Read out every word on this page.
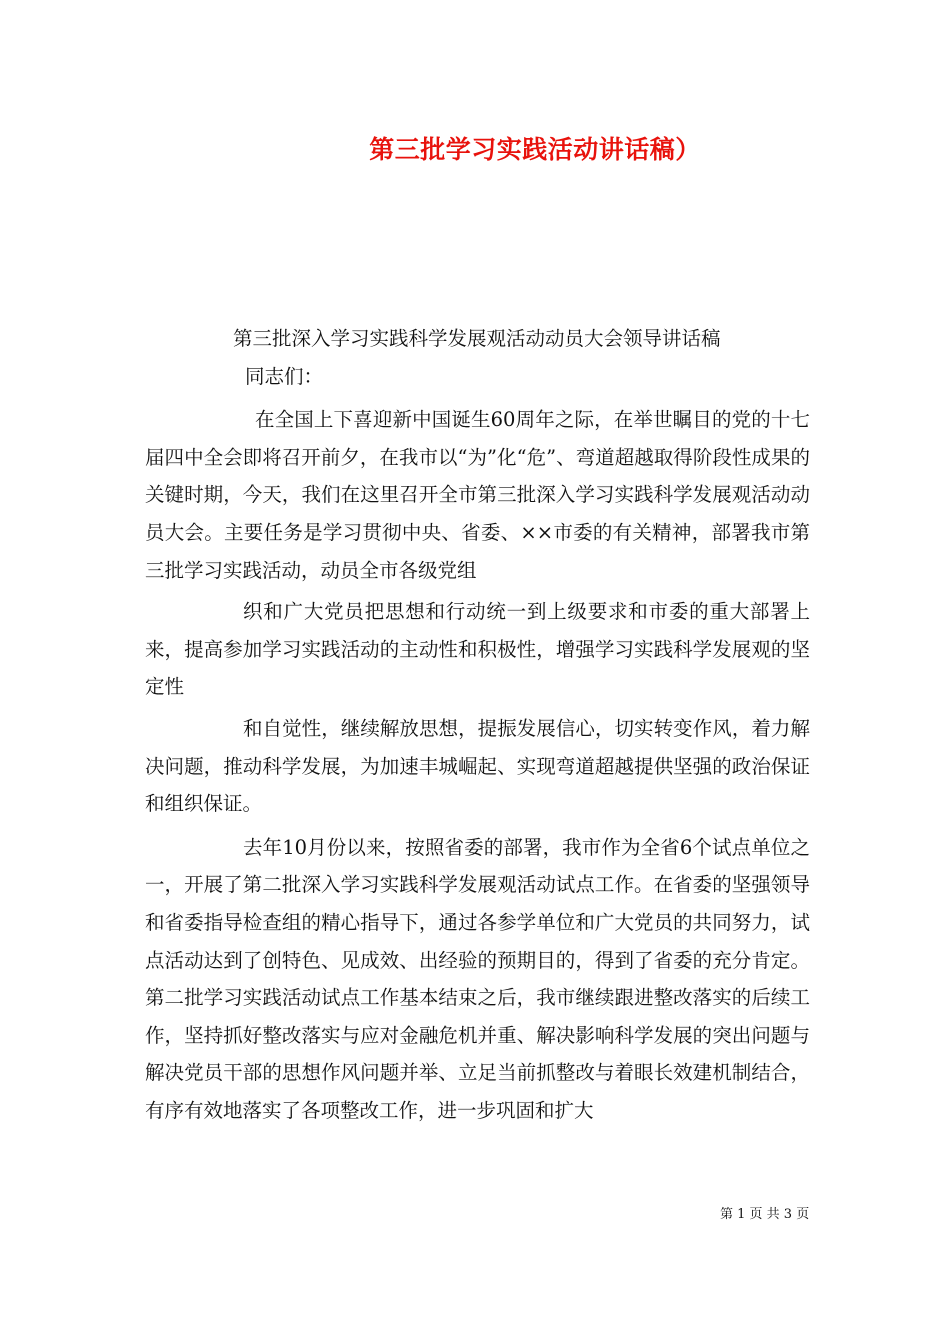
第三批学习实践活动讲话稿）

第三批深入学习实践科学发展观活动动员大会领导讲话稿

同志们：

在全国上下喜迎新中国诞生60周年之际，在举世瞩目的党的十七届四中全会即将召开前夕，在我市以“为”化“危”、弯道超越取得阶段性成果的关键时期，今天，我们在这里召开全市第三批深入学习实践科学发展观活动动员大会。主要任务是学习贯彻中央、省委、××市委的有关精神，部署我市第三批学习实践活动，动员全市各级党组

织和广大党员把思想和行动统一到上级要求和市委的重大部署上来，提高参加学习实践活动的主动性和积极性，增强学习实践科学发展观的坚定性

和自觉性，继续解放思想，提振发展信心，切实转变作风，着力解决问题，推动科学发展，为加速丰城崛起、实现弯道超越提供坚强的政治保证和组织保证。

去年10月份以来，按照省委的部署，我市作为全省6个试点单位之一，开展了第二批深入学习实践科学发展观活动试点工作。在省委的坚强领导和省委指导检查组的精心指导下，通过各参学单位和广大党员的共同努力，试点活动达到了创特色、见成效、出经验的预期目的，得到了省委的充分肯定。第二批学习实践活动试点工作基本结束之后，我市继续跟进整改落实的后续工作，坚持抓好整改落实与应对金融危机并重、解决影响科学发展的突出问题与解决党员干部的思想作风问题并举、立足当前抓整改与着眼长效建机制结合，有序有效地落实了各项整改工作，进一步巩固和扩大

第 1 页 共 3 页
